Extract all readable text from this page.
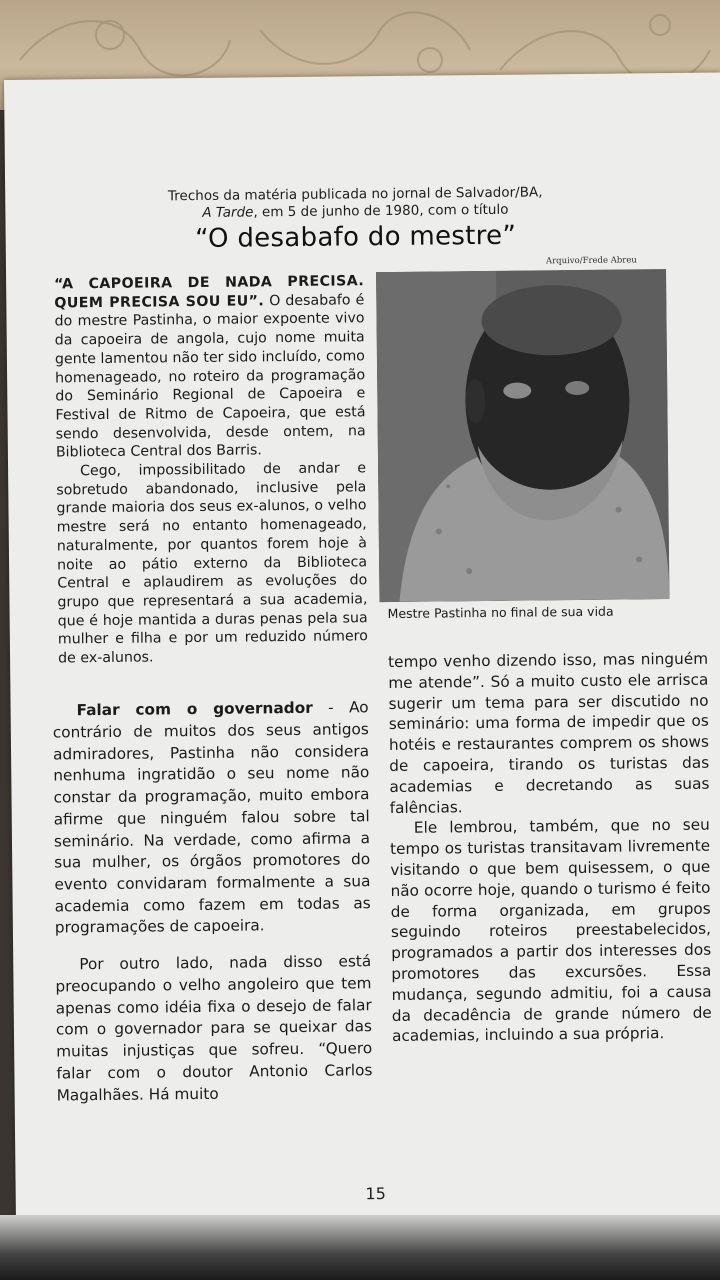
Trechos da matéria publicada no jornal de Salvador/BA,
A Tarde, em 5 de junho de 1980, com o título
“O desabafo do mestre”
Arquivo/Frede Abreu

“A CAPOEIRA DE NADA PRECISA. QUEM PRECISA SOU EU”. O desabafo é do mestre Pastinha, o maior expoente vivo da capoeira de angola, cujo nome muita gente lamentou não ter sido incluído, como homenageado, no roteiro da programação do Seminário Regional de Capoeira e Festival de Ritmo de Capoeira, que está sendo desenvolvida, desde ontem, na Biblioteca Central dos Barris.

Cego, impossibilitado de andar e sobretudo abandonado, inclusive pela grande maioria dos seus ex-alunos, o velho mestre será no entanto homenageado, naturalmente, por quantos forem hoje à noite ao pátio externo da Biblioteca Central e aplaudirem as evoluções do grupo que representará a sua academia, que é hoje mantida a duras penas pela sua mulher e filha e por um reduzido número de ex-alunos.

Falar com o governador - Ao contrário de muitos dos seus antigos admiradores, Pastinha não considera nenhuma ingratidão o seu nome não constar da programação, muito embora afirme que ninguém falou sobre tal seminário. Na verdade, como afirma a sua mulher, os órgãos promotores do evento convidaram formalmente a sua academia como fazem em todas as programações de capoeira.

Por outro lado, nada disso está preocupando o velho angoleiro que tem apenas como idéia fixa o desejo de falar com o governador para se queixar das muitas injustiças que sofreu. “Quero falar com o doutor Antonio Carlos Magalhães. Há muito

Mestre Pastinha no final de sua vida

tempo venho dizendo isso, mas ninguém me atende”. Só a muito custo ele arrisca sugerir um tema para ser discutido no seminário: uma forma de impedir que os hotéis e restaurantes comprem os shows de capoeira, tirando os turistas das academias e decretando as suas falências.

Ele lembrou, também, que no seu tempo os turistas transitavam livremente visitando o que bem quisessem, o que não ocorre hoje, quando o turismo é feito de forma organizada, em grupos seguindo roteiros preestabelecidos, programados a partir dos interesses dos promotores das excursões. Essa mudança, segundo admitiu, foi a causa da decadência de grande número de academias, incluindo a sua própria.

15
